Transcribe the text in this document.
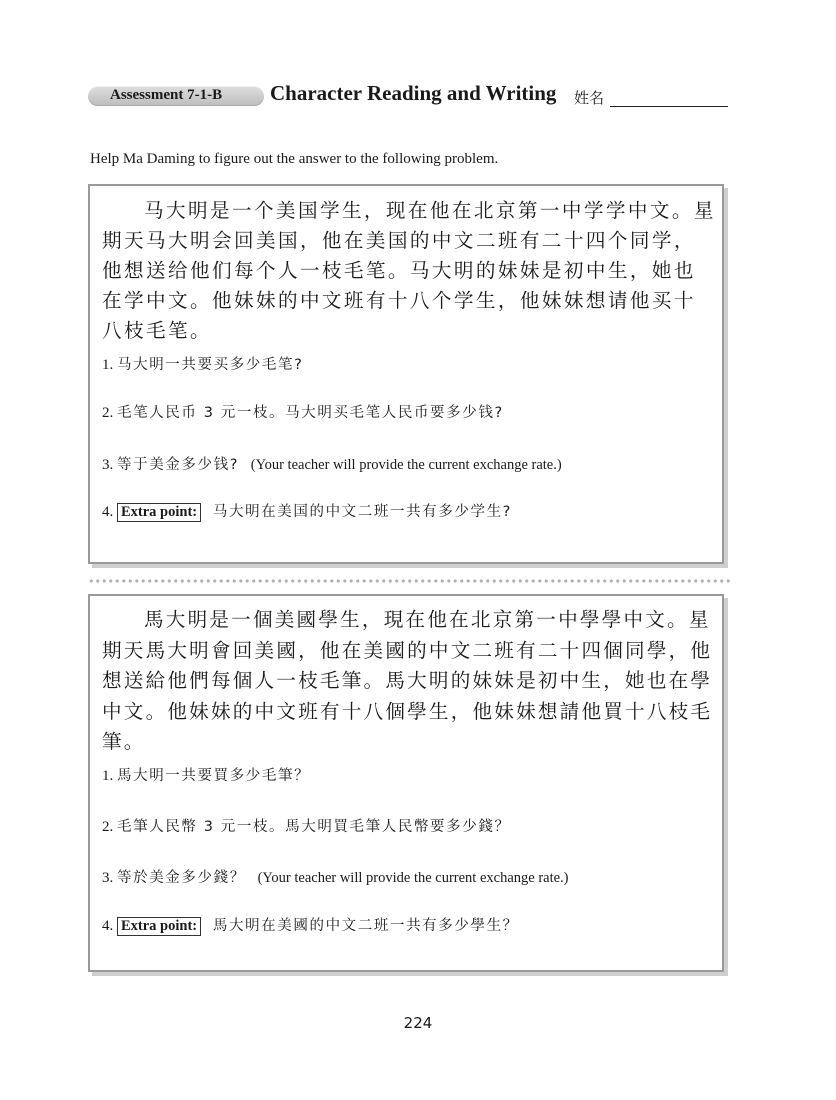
Assessment 7-1-B Character Reading and Writing 姓名
Help Ma Daming to figure out the answer to the following problem.

马大明是一个美国学生，现在他在北京第一中学学中文。星期天马大明会回美国，他在美国的中文二班有二十四个同学，他想送给他们每个人一枝毛笔。马大明的妹妹是初中生，她也在学中文。他妹妹的中文班有十八个学生，他妹妹想请他买十八枝毛笔。

1. 马大明一共要买多少毛笔?
2. 毛笔人民币 3 元一枝。马大明买毛笔人民币要多少钱?
3. 等于美金多少钱? (Your teacher will provide the current exchange rate.)
4. Extra point: 马大明在美国的中文二班一共有多少学生?

馬大明是一個美國學生，現在他在北京第一中學學中文。星期天馬大明會回美國，他在美國的中文二班有二十四個同學，他想送給他們每個人一枝毛筆。馬大明的妹妹是初中生，她也在學中文。他妹妹的中文班有十八個學生，他妹妹想請他買十八枝毛筆。

1. 馬大明一共要買多少毛筆？
2. 毛筆人民幣 3 元一枝。馬大明買毛筆人民幣要多少錢？
3. 等於美金多少錢？ (Your teacher will provide the current exchange rate.)
4. Extra point: 馬大明在美國的中文二班一共有多少學生？
224
